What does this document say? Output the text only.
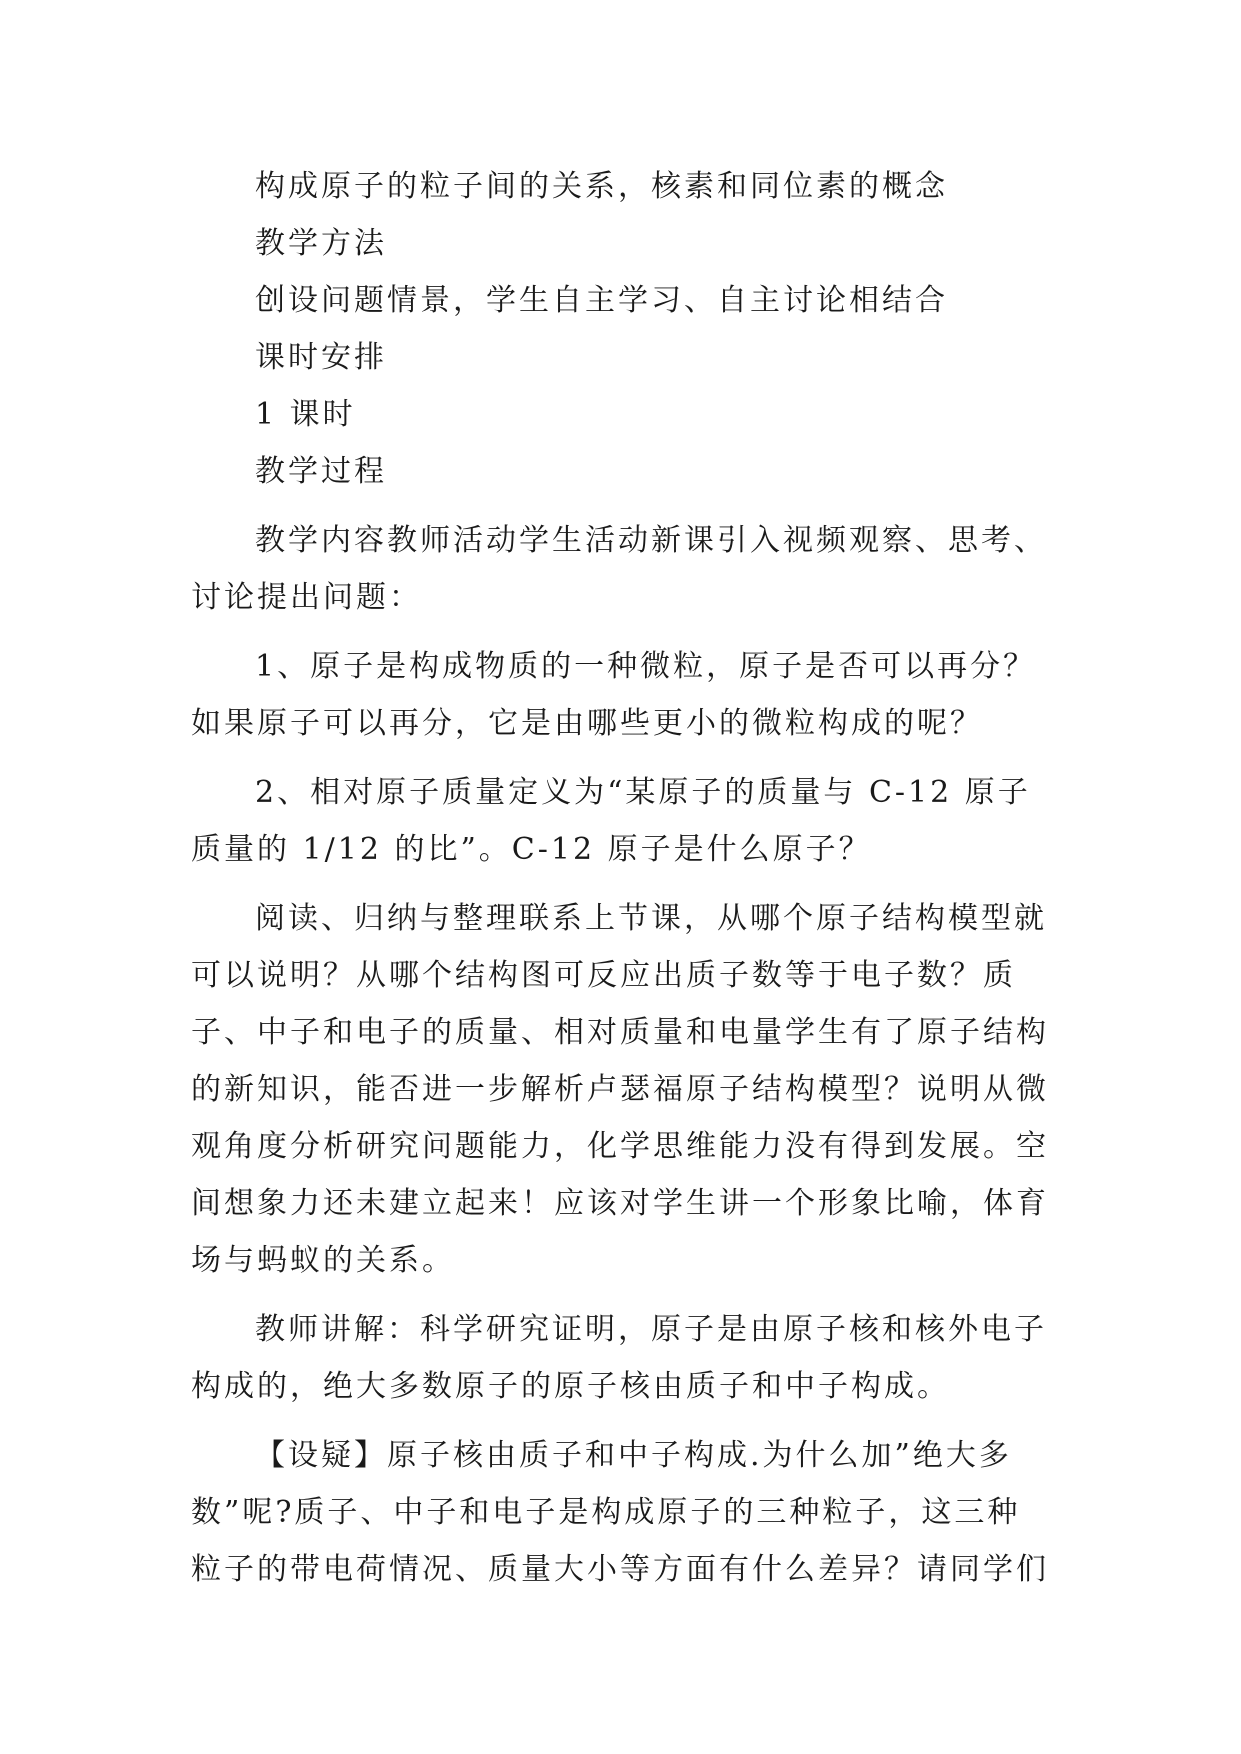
构成原子的粒子间的关系，核素和同位素的概念

教学方法

创设问题情景，学生自主学习、自主讨论相结合

课时安排

1 课时

教学过程

教学内容教师活动学生活动新课引入视频观察、思考、讨论提出问题：

1、原子是构成物质的一种微粒，原子是否可以再分？如果原子可以再分，它是由哪些更小的微粒构成的呢？

2、相对原子质量定义为“某原子的质量与 C-12 原子质量的 1/12 的比”。C-12 原子是什么原子？

阅读、归纳与整理联系上节课，从哪个原子结构模型就可以说明？从哪个结构图可反应出质子数等于电子数？质子、中子和电子的质量、相对质量和电量学生有了原子结构的新知识，能否进一步解析卢瑟福原子结构模型？说明从微观角度分析研究问题能力，化学思维能力没有得到发展。空间想象力还未建立起来！应该对学生讲一个形象比喻，体育场与蚂蚁的关系。

教师讲解：科学研究证明，原子是由原子核和核外电子构成的，绝大多数原子的原子核由质子和中子构成。

【设疑】原子核由质子和中子构成.为什么加”绝大多数”呢?质子、中子和电子是构成原子的三种粒子，这三种粒子的带电荷情况、质量大小等方面有什么差异？请同学们
